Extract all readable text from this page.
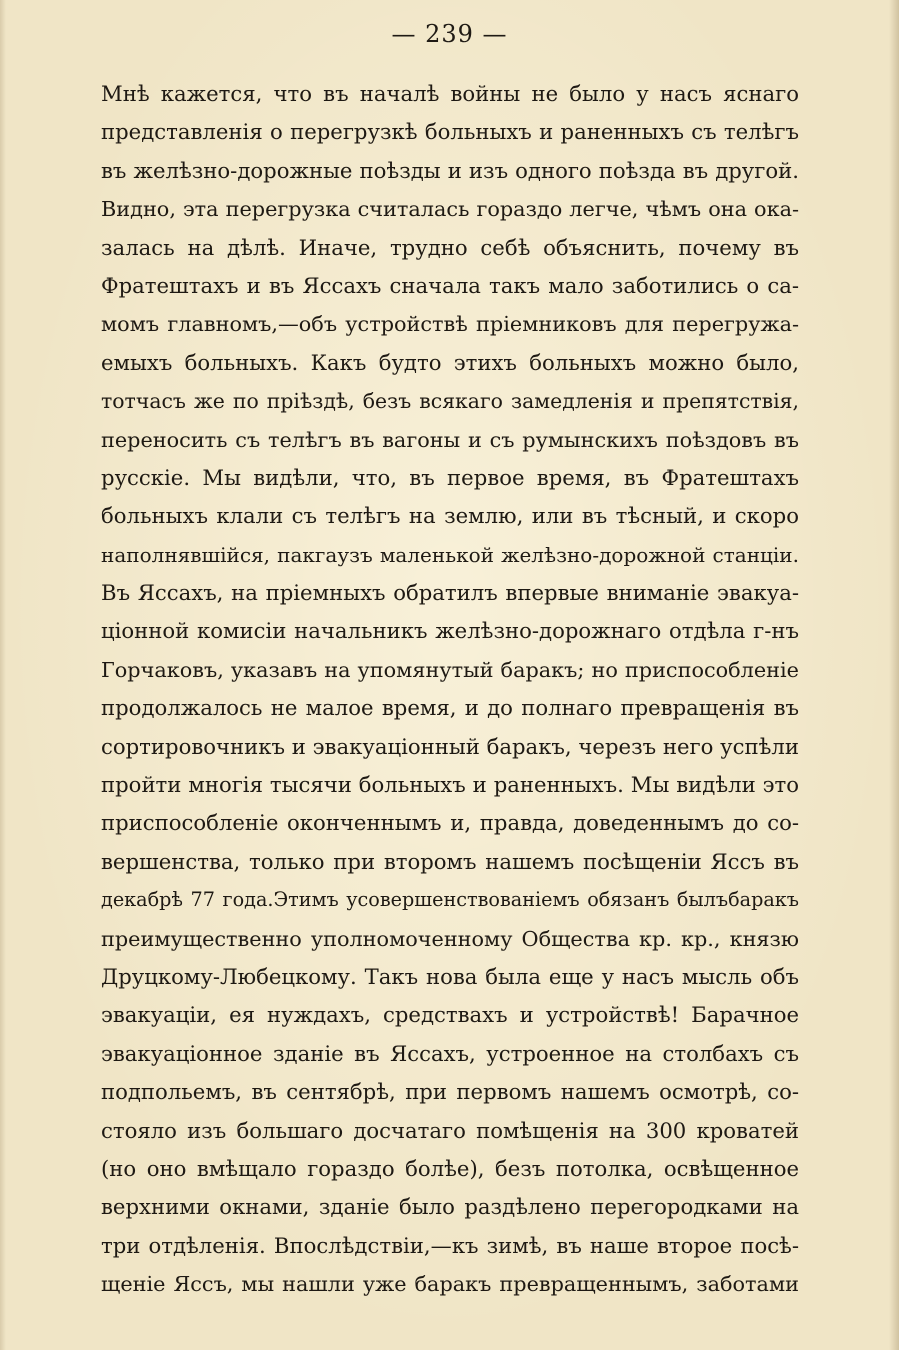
— 239 —
Мнѣ кажется, что въ началѣ войны не было у насъ яснаго
представленія о перегрузкѣ больныхъ и раненныхъ съ телѣгъ
въ желѣзно-дорожные поѣзды и изъ одного поѣзда въ другой.
Видно, эта перегрузка считалась гораздо легче, чѣмъ она ока-
залась на дѣлѣ. Иначе, трудно себѣ объяснить, почему въ
Фратештахъ и въ Яссахъ сначала такъ мало заботились о са-
момъ главномъ,—объ устройствѣ пріемниковъ для перегружа-
емыхъ больныхъ. Какъ будто этихъ больныхъ можно было,
тотчасъ же по пріѣздѣ, безъ всякаго замедленія и препятствія,
переносить съ телѣгъ въ вагоны и съ румынскихъ поѣздовъ въ
русскіе. Мы видѣли, что, въ первое время, въ Фратештахъ
больныхъ клали съ телѣгъ на землю, или въ тѣсный, и скоро
наполнявшійся, пакгаузъ маленькой желѣзно-дорожной станціи.
Въ Яссахъ, на пріемныхъ обратилъ впервые вниманіе эвакуа-
ціонной комисіи начальникъ желѣзно-дорожнаго отдѣла г-нъ
Горчаковъ, указавъ на упомянутый баракъ; но приспособленіе
продолжалось не малое время, и до полнаго превращенія въ
сортировочникъ и эвакуаціонный баракъ, черезъ него успѣли
пройти многія тысячи больныхъ и раненныхъ. Мы видѣли это
приспособленіе оконченнымъ и, правда, доведеннымъ до со-
вершенства, только при второмъ нашемъ посѣщеніи Яссъ въ
декабрѣ 77 года.Этимъ усовершенствованіемъ обязанъ былъбаракъ
преимущественно уполномоченному Общества кр. кр., князю
Друцкому-Любецкому. Такъ нова была еще у насъ мысль объ
эвакуаціи, ея нуждахъ, средствахъ и устройствѣ! Барачное
эвакуаціонное зданіе въ Яссахъ, устроенное на столбахъ съ
подпольемъ, въ сентябрѣ, при первомъ нашемъ осмотрѣ, со-
стояло изъ большаго досчатаго помѣщенія на 300 кроватей
(но оно вмѣщало гораздо болѣе), безъ потолка, освѣщенное
верхними окнами, зданіе было раздѣлено перегородками на
три отдѣленія. Впослѣдствіи,—къ зимѣ, въ наше второе посѣ-
щеніе Яссъ, мы нашли уже баракъ превращеннымъ, заботами
